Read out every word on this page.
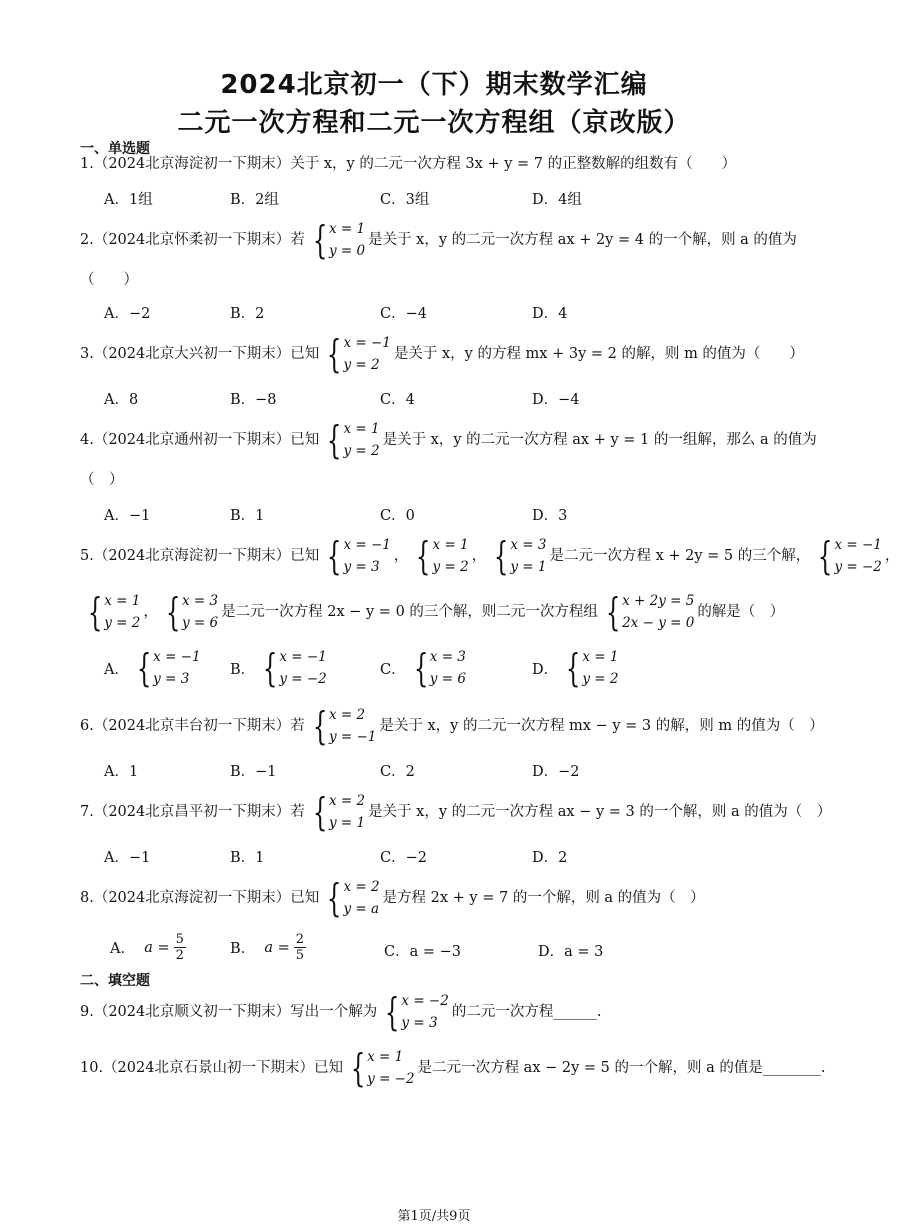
2024北京初一（下）期末数学汇编
二元一次方程和二元一次方程组（京改版）
一、单选题
1.（2024北京海淀初一下期末）关于 x，y 的二元一次方程 3x + y = 7 的正整数解的组数有（　　）
A．1组	B．2组	C．3组	D．4组
2.（2024北京怀柔初一下期末）若 { x = 1
y = 0
是关于 x，y 的二元一次方程 ax + 2y = 4 的一个解，则 a 的值为
（　　）
A．−2	B．2	C．−4	D．4
3.（2024北京大兴初一下期末）已知 { x = −1
y = 2
是关于 x，y 的方程 mx + 3y = 2 的解，则 m 的值为（　　）
A．8	B．−8	C．4	D．−4
4.（2024北京通州初一下期末）已知 { x = 1
y = 2
是关于 x，y 的二元一次方程 ax + y = 1 的一组解，那么 a 的值为
（　）
A．−1	B．1	C．0	D．3
5.（2024北京海淀初一下期末）已知 { x = −1
y = 3
， { x = 1
y = 2
， { x = 3
y = 1
是二元一次方程 x + 2y = 5 的三个解， { x = −1
y = −2
，
{ x = 1
y = 2
， { x = 3
y = 6
是二元一次方程 2x − y = 0 的三个解，则二元一次方程组 { x + 2y = 5
2x − y = 0
的解是（　）
A． { x = −1
y = 3
B． { x = −1
y = −2
C． { x = 3
y = 6
D． { x = 1
y = 2
6.（2024北京丰台初一下期末）若 { x = 2
y = −1
是关于 x，y 的二元一次方程 mx − y = 3 的解，则 m 的值为（　）
A．1	B．−1	C．2	D．−2
7.（2024北京昌平初一下期末）若 { x = 2
y = 1
是关于 x，y 的二元一次方程 ax − y = 3 的一个解，则 a 的值为（　）
A．−1	B．1	C．−2	D．2
8.（2024北京海淀初一下期末）已知 { x = 2
y = a
是方程 2x + y = 7 的一个解，则 a 的值为（　）
A．
$a = \frac{5}{2}$	B．
$a = \frac{2}{5}$	C．a = −3	D．a = 3
二、填空题
9.（2024北京顺义初一下期末）写出一个解为 { x = −2
y = 3
的二元一次方程______.
10.（2024北京石景山初一下期末）已知 { x = 1
y = −2
是二元一次方程 ax − 2y = 5 的一个解，则 a 的值是________.
第1页/共9页
